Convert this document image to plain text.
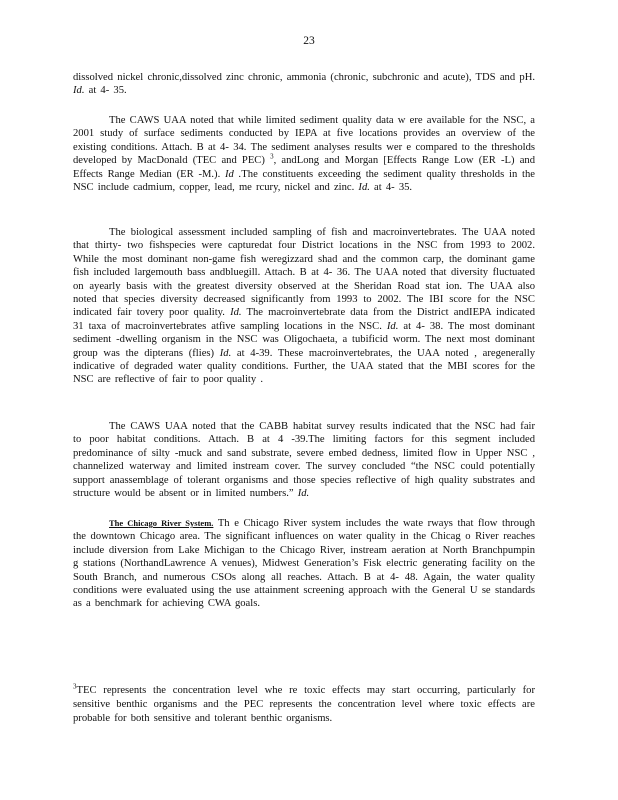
23

dissolved nickel chronic,dissolved zinc chronic, ammonia (chronic, subchronic and acute), TDS and pH. Id. at 4- 35.

The CAWS UAA noted that while limited sediment quality data w ere available for the NSC, a 2001 study of surface sediments conducted by IEPA at five locations provides an overview of the existing conditions. Attach. B at 4- 34. The sediment analyses results wer e compared to the thresholds developed by MacDonald (TEC and PEC) $^3$, andLong and Morgan [Effects Range Low (ER -L) and Effects Range Median (ER -M.). Id .The constituents exceeding the sediment quality thresholds in the NSC include cadmium, copper, lead, me rcury, nickel and zinc. Id. at 4- 35.

The biological assessment included sampling of fish and macroinvertebrates. The UAA noted that thirty- two fishspecies were capturedat four District locations in the NSC from 1993 to 2002. While the most dominant non-game fish weregizzard shad and the common carp, the dominant game fish included largemouth bass andbluegill. Attach. B at 4- 36. The UAA noted that diversity fluctuated on ayearly basis with the greatest diversity observed at the Sheridan Road stat ion. The UAA also noted that species diversity decreased significantly from 1993 to 2002. The IBI score for the NSC indicated fair tovery poor quality. Id. The macroinvertebrate data from the District andIEPA indicated 31 taxa of macroinvertebrates atfive sampling locations in the NSC. Id. at 4- 38. The most dominant sediment -dwelling organism in the NSC was Oligochaeta, a tubificid worm. The next most dominant group was the dipterans (flies) Id. at 4-39. These macroinvertebrates, the UAA noted , aregenerally indicative of degraded water quality conditions. Further, the UAA stated that the MBI scores for the NSC are reflective of fair to poor quality .

The CAWS UAA noted that the CABB habitat survey results indicated that the NSC had fair to poor habitat conditions. Attach. B at 4 -39.The limiting factors for this segment included predominance of silty -muck and sand substrate, severe embed dedness, limited flow in Upper NSC , channelized waterway and limited instream cover. The survey concluded “the NSC could potentially support anassemblage of tolerant organisms and those species reflective of high quality substrates and structure would be absent or in limited numbers.” Id.

The Chicago River System. Th e Chicago River system includes the wate rways that flow through the downtown Chicago area. The significant influences on water quality in the Chicag o River reaches include diversion from Lake Michigan to the Chicago River, instream aeration at North Branchpumpin g stations (NorthandLawrence A venues), Midwest Generation’s Fisk electric generating facility on the South Branch, and numerous CSOs along all reaches. Attach. B at 4- 48. Again, the water quality conditions were evaluated using the use attainment screening approach with the General U se standards as a benchmark for achieving CWA goals.

$^3$TEC represents the concentration level whe re toxic effects may start occurring, particularly for sensitive benthic organisms and the PEC represents the concentration level where toxic effects are probable for both sensitive and tolerant benthic organisms.
